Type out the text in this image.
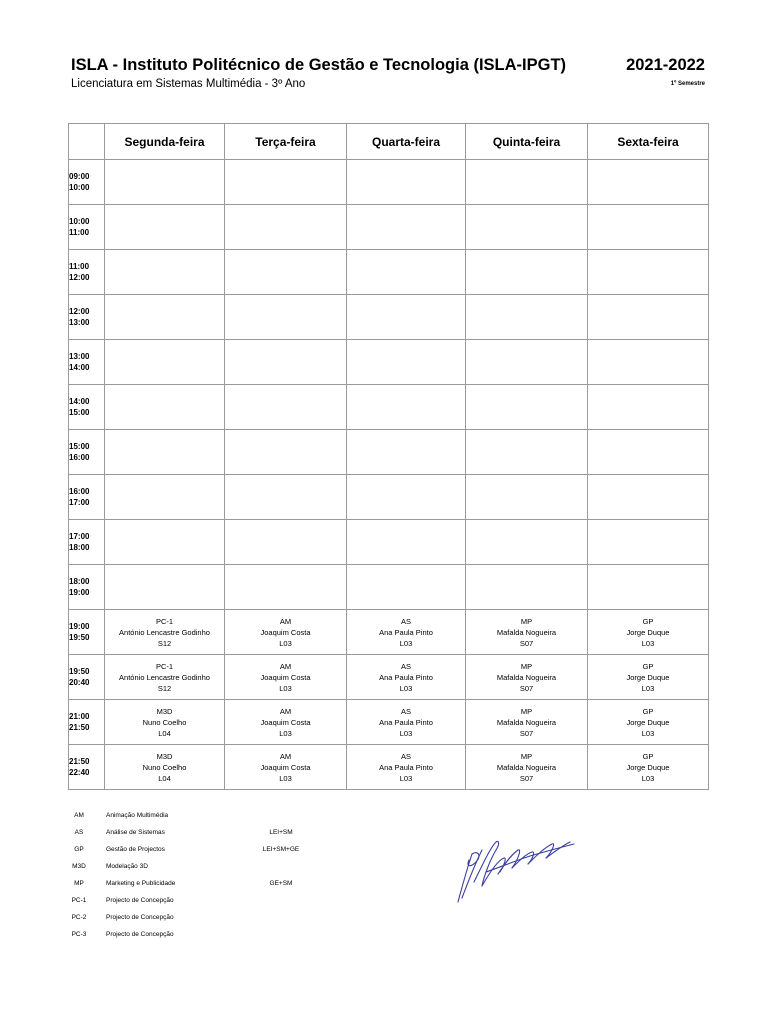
ISLA - Instituto Politécnico de Gestão e Tecnologia (ISLA-IPGT)
Licenciatura em Sistemas Multimédia - 3º Ano
2021-2022
1º Semestre
	Segunda-feira	Terça-feira	Quarta-feira	Quinta-feira	Sexta-feira

09:00
10:00					

10:00
11:00					

11:00
12:00					

12:00
13:00					

13:00
14:00					

14:00
15:00					

15:00
16:00					

16:00
17:00					

17:00
18:00					

18:00
19:00					

19:00
19:50	PC-1
António Lencastre Godinho
S12	AM
Joaquim Costa
L03	AS
Ana Paula Pinto
L03	MP
Mafalda Nogueira
S07	GP
Jorge Duque
L03

19:50
20:40	PC-1
António Lencastre Godinho
S12	AM
Joaquim Costa
L03	AS
Ana Paula Pinto
L03	MP
Mafalda Nogueira
S07	GP
Jorge Duque
L03

21:00
21:50	M3D
Nuno Coelho
L04	AM
Joaquim Costa
L03	AS
Ana Paula Pinto
L03	MP
Mafalda Nogueira
S07	GP
Jorge Duque
L03

21:50
22:40	M3D
Nuno Coelho
L04	AM
Joaquim Costa
L03	AS
Ana Paula Pinto
L03	MP
Mafalda Nogueira
S07	GP
Jorge Duque
L03
AM	Animação Multimédia
AS	Análise de Sistemas	LEI+SM
GP	Gestão de Projectos	LEI+SM+GE
M3D	Modelação 3D
MP	Marketing e Publicidade	GE+SM
PC-1	Projecto de Concepção
PC-2	Projecto de Concepção
PC-3	Projecto de Concepção
